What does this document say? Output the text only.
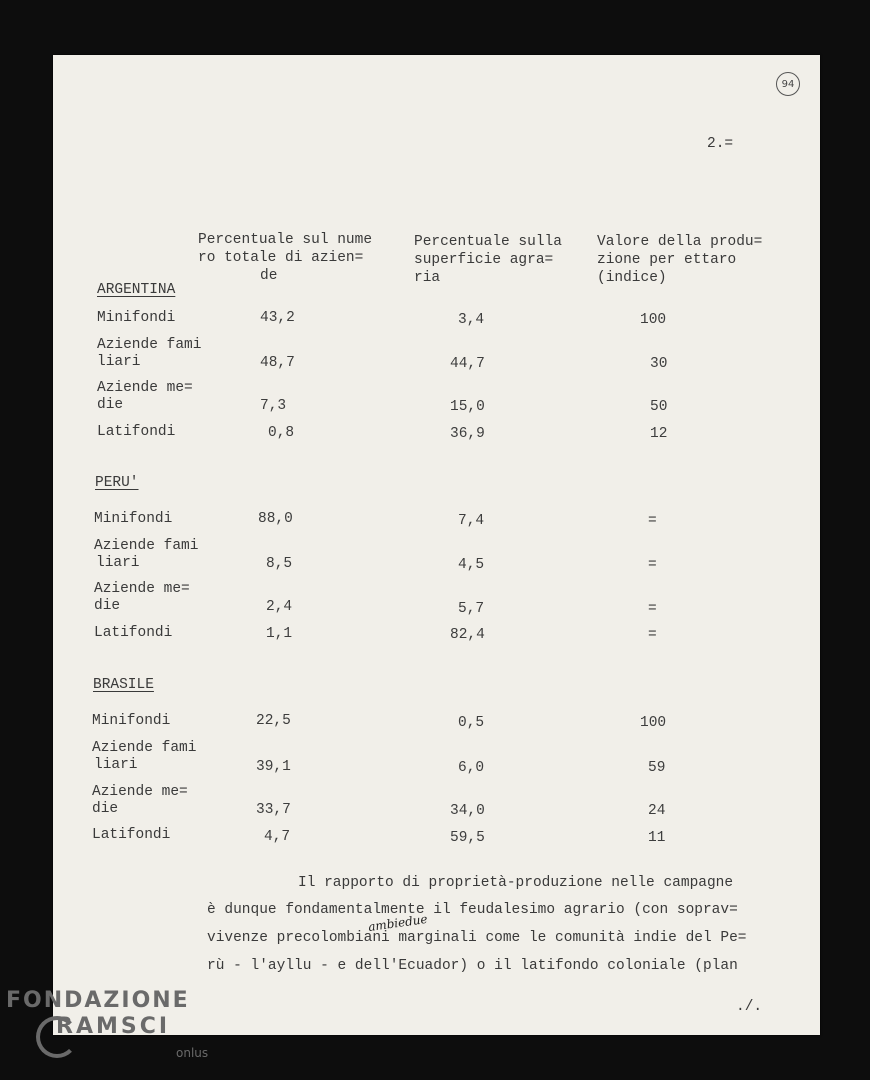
94
2.=
Percentuale sul nume
ro totale di azien=
de
Percentuale sulla
superficie agra=
ria
Valore della produ=
zione per ettaro
(indice)
ARGENTINA
Minifondi	43,2	3,4	100
Aziende fami
liari	48,7	44,7	30
Aziende me=
die	7,3	15,0	50
Latifondi	0,8	36,9	12
PERU'
Minifondi	88,0	7,4	=
Aziende fami
liari	8,5	4,5	=
Aziende me=
die	2,4	5,7	=
Latifondi	1,1	82,4	=
BRASILE
Minifondi	22,5	0,5	100
Aziende fami
liari	39,1	6,0	59
Aziende me=
die	33,7	34,0	24
Latifondi	4,7	59,5	11
Il rapporto di proprietà-produzione nelle campagne
è dunque fondamentalmente il feudalesimo agrario (con soprav=
vivenze precolombiani marginali come le comunità indie del Pe=
rù - l'ayllu - e dell'Ecuador) o il latifondo coloniale (plan
ambiedue
./.
FONDAZIONE
RAMSCI
onlus
